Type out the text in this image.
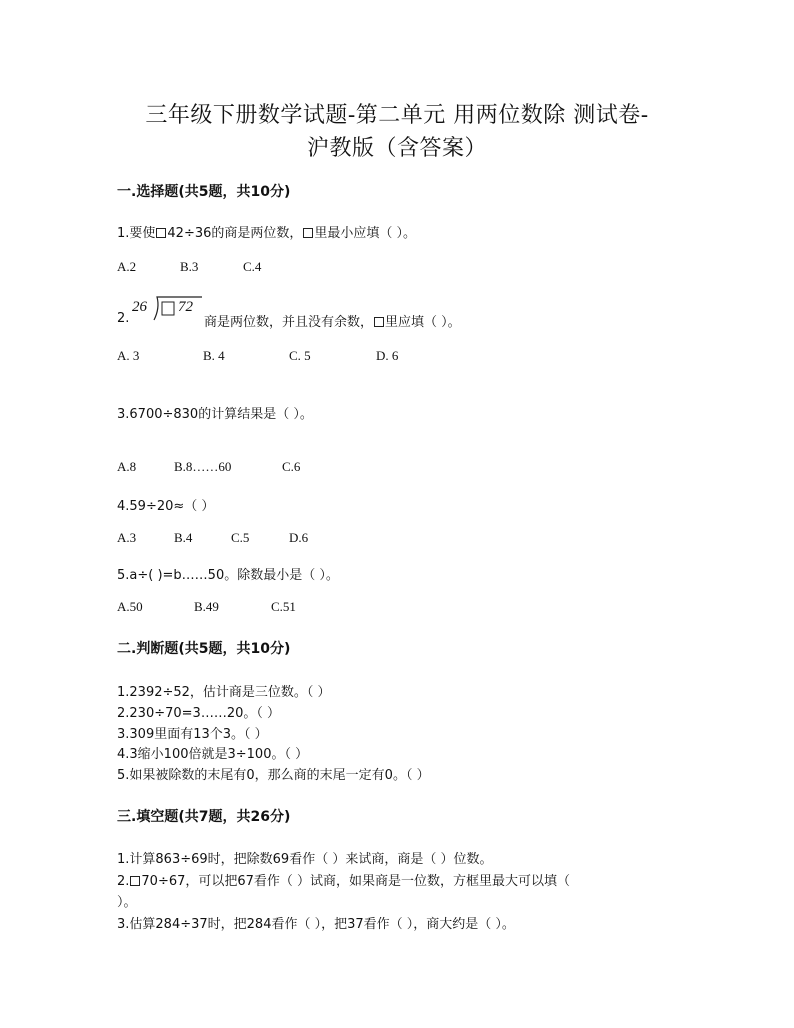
三年级下册数学试题-第二单元 用两位数除 测试卷-
沪教版（含答案）
一.选择题(共5题，共10分)
1.要使 42÷36的商是两位数， 里最小应填（ ）。
A.2	B.3	C.4
2.
26 72
商是两位数，并且没有余数， 里应填（ ）。
A. 3	B. 4	C. 5	D. 6
3.6700÷830的计算结果是（ ）。
A.8	B.8……60	C.6
4.59÷20≈（ ）
A.3	B.4	C.5	D.6
5.a÷( )=b……50。除数最小是（ ）。
A.50	B.49	C.51
二.判断题(共5题，共10分)
1.2392÷52，估计商是三位数。（ ）
2.230÷70=3……20。（ ）
3.309里面有13个3。（ ）
4.3缩小100倍就是3÷100。（ ）
5.如果被除数的末尾有0，那么商的末尾一定有0。（ ）
三.填空题(共7题，共26分)
1.计算863÷69时，把除数69看作（ ）来试商，商是（ ）位数。
2. 70÷67，可以把67看作（ ）试商，如果商是一位数，方框里最大可以填（
）。
3.估算284÷37时，把284看作（ ），把37看作（ ），商大约是（ ）。
